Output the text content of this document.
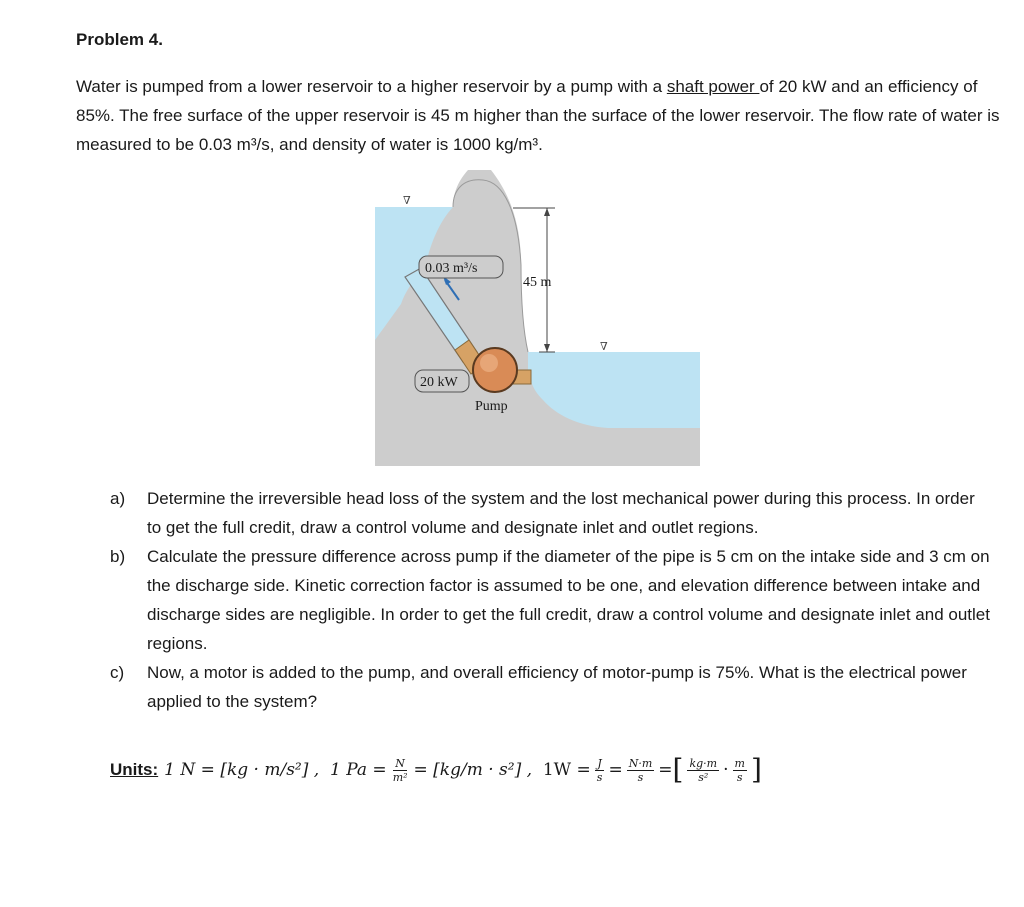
Problem 4.
Water is pumped from a lower reservoir to a higher reservoir by a pump with a shaft power of 20 kW and an efficiency of 85%. The free surface of the upper reservoir is 45 m higher than the surface of the lower reservoir. The flow rate of water is measured to be 0.03 m³/s, and density of water is 1000 kg/m³.
∇
∇
0.03 m³/s
45 m
20 kW
Pump
a)	Determine the irreversible head loss of the system and the lost mechanical power during this process. In order to get the full credit, draw a control volume and designate inlet and outlet regions.
b)	Calculate the pressure difference across pump if the diameter of the pipe is 5 cm on the intake side and 3 cm on the discharge side. Kinetic correction factor is assumed to be one, and elevation difference between intake and discharge sides are negligible. In order to get the full credit, draw a control volume and designate inlet and outlet regions.
c)	Now, a motor is added to the pump, and overall efficiency of motor-pump is 75%. What is the electrical power applied to the system?
Units: 1 N = [kg · m/s²] ,
1 $Pa = \frac{N}{\text{m²}} = [kg/m \cdot s^2]$ ,
$1W = \frac{J}{s} = \frac{N\cdot m}{s}$ = [ $\frac{kg\cdot m}{\text{s²}} \cdot \frac{m}{s}$ ]
